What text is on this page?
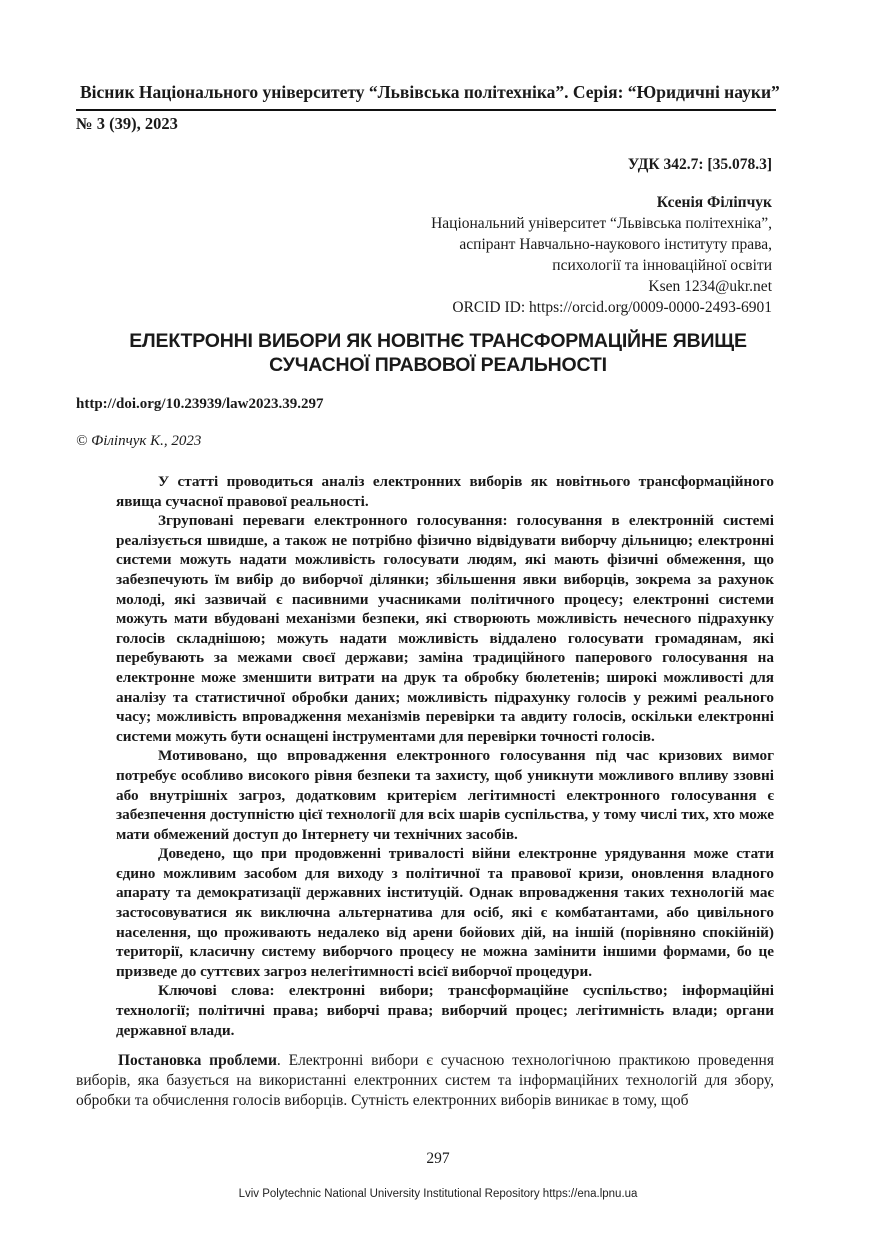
Вісник Національного університету “Львівська політехніка”. Серія: “Юридичні науки”
№ 3 (39), 2023
УДК 342.7: [35.078.3]
Ксенія Філіпчук
Національний університет “Львівська політехніка”,
аспірант Навчально-наукового інституту права,
психології та інноваційної освіти
Ksen 1234@ukr.net
ORCID ID: https://orcid.org/0009-0000-2493-6901
ЕЛЕКТРОННІ ВИБОРИ ЯК НОВІТНЄ ТРАНСФОРМАЦІЙНЕ ЯВИЩЕ
СУЧАСНОЇ ПРАВОВОЇ РЕАЛЬНОСТІ
http://doi.org/10.23939/law2023.39.297
© Філіпчук К., 2023

У статті проводиться аналіз електронних виборів як новітнього трансформаційного явища сучасної правової реальності.

Згруповані переваги електронного голосування: голосування в електронній системі реалізується швидше, а також не потрібно фізично відвідувати виборчу дільницю; електронні системи можуть надати можливість голосувати людям, які мають фізичні обмеження, що забезпечують їм вибір до виборчої ділянки; збільшення явки виборців, зокрема за рахунок молоді, які зазвичай є пасивними учасниками політичного процесу; електронні системи можуть мати вбудовані механізми безпеки, які створюють можливість нечесного підрахунку голосів складнішою; можуть надати можливість віддалено голосувати громадянам, які перебувають за межами своєї держави; заміна традиційного паперового голосування на електронне може зменшити витрати на друк та обробку бюлетенів; широкі можливості для аналізу та статистичної обробки даних; можливість підрахунку голосів у режимі реального часу; можливість впровадження механізмів перевірки та авдиту голосів, оскільки електронні системи можуть бути оснащені інструментами для перевірки точності голосів.

Мотивовано, що впровадження електронного голосування під час кризових вимог потребує особливо високого рівня безпеки та захисту, щоб уникнути можливого впливу ззовні або внутрішніх загроз, додатковим критерієм легітимності електронного голосування є забезпечення доступністю цієї технології для всіх шарів суспільства, у тому числі тих, хто може мати обмежений доступ до Інтернету чи технічних засобів.

Доведено, що при продовженні тривалості війни електронне урядування може стати єдино можливим засобом для виходу з політичної та правової кризи, оновлення владного апарату та демократизації державних інституцій. Однак впровадження таких технологій має застосовуватися як виключна альтернатива для осіб, які є комбатантами, або цивільного населення, що проживають недалеко від арени бойових дій, на іншій (порівняно спокійній) території, класичну систему виборчого процесу не можна замінити іншими формами, бо це призведе до суттєвих загроз нелегітимності всієї виборчої процедури.

Ключові слова: електронні вибори; трансформаційне суспільство; інформаційні технології; політичні права; виборчі права; виборчий процес; легітимність влади; органи державної влади.

Постановка проблеми. Електронні вибори є сучасною технологічною практикою проведення виборів, яка базується на використанні електронних систем та інформаційних технологій для збору, обробки та обчислення голосів виборців. Сутність електронних виборів виникає в тому, щоб

297
Lviv Polytechnic National University Institutional Repository https://ena.lpnu.ua
